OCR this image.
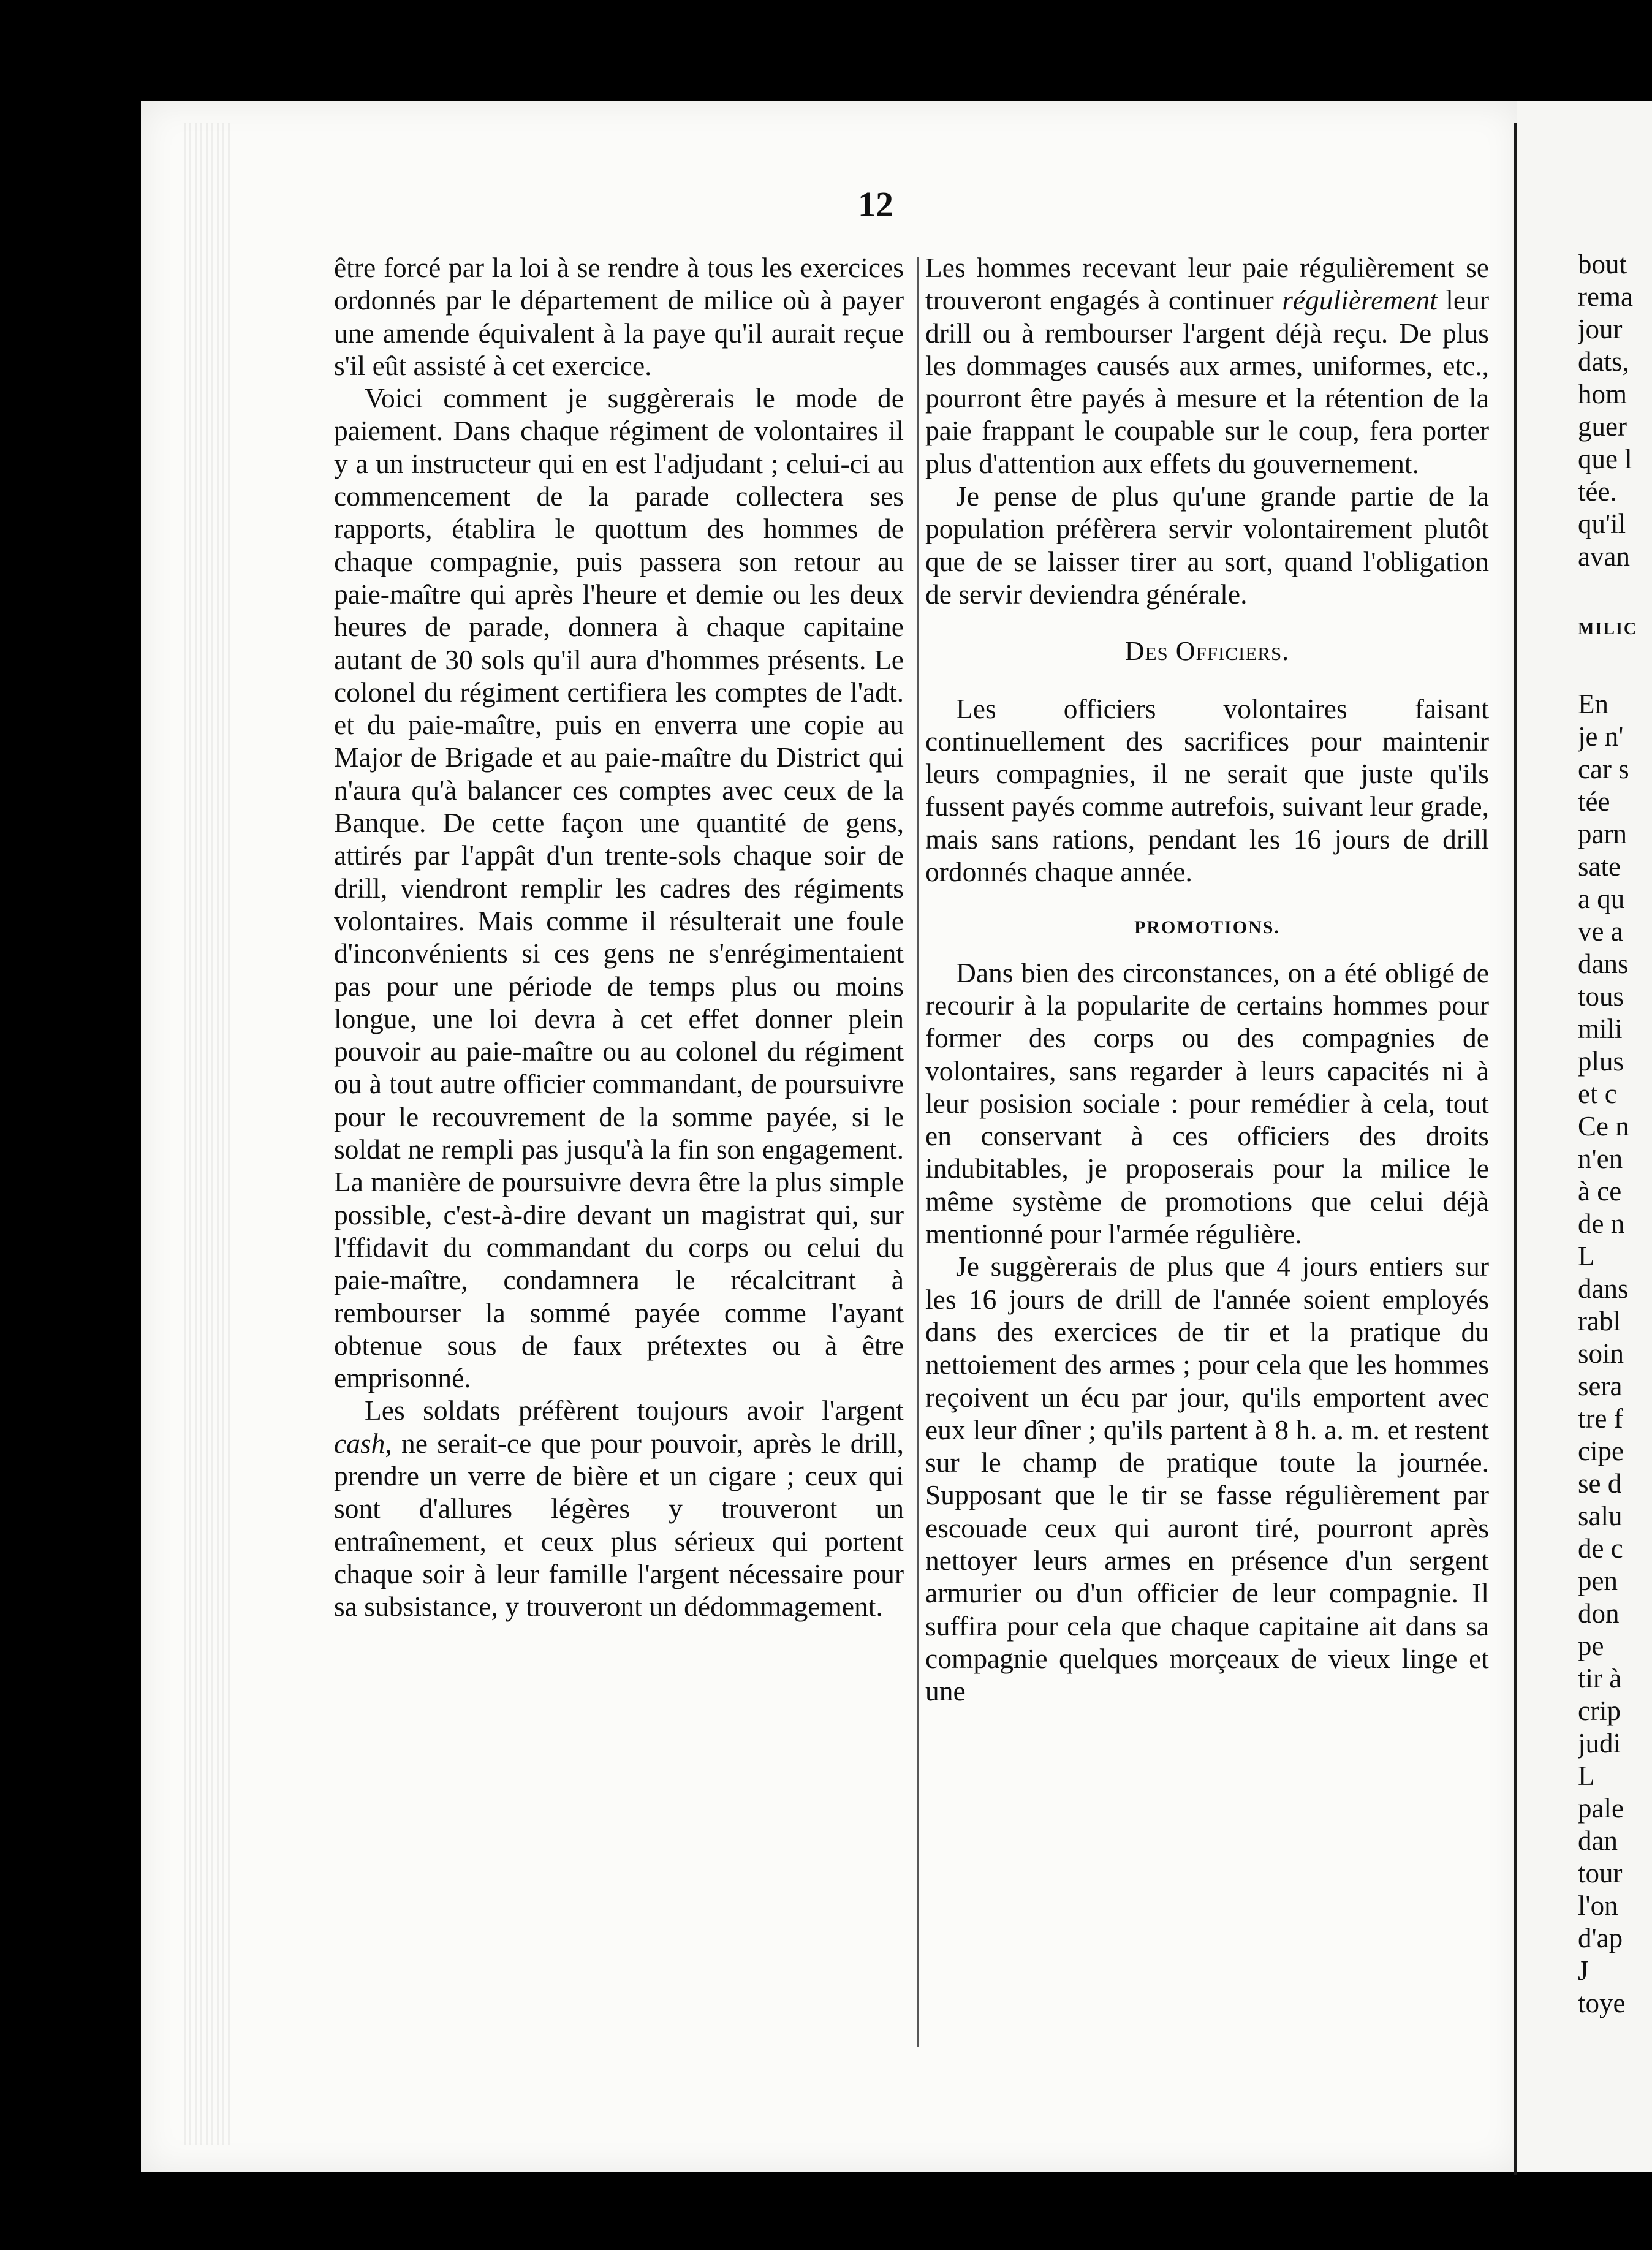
12

être forcé par la loi à se rendre à tous les exercices ordonnés par le département de milice où à payer une amende équivalent à la paye qu'il aurait reçue s'il eût assisté à cet exercice.

Voici comment je suggèrerais le mode de paiement. Dans chaque régiment de volontaires il y a un instructeur qui en est l'adjudant ; celui-ci au commencement de la parade collectera ses rapports, établira le quottum des hommes de chaque compagnie, puis passera son retour au paie-maître qui après l'heure et demie ou les deux heures de parade, donnera à chaque capitaine autant de 30 sols qu'il aura d'hommes présents. Le colonel du régiment certifiera les comptes de l'adt. et du paie-maître, puis en enverra une copie au Major de Brigade et au paie-maître du District qui n'aura qu'à balancer ces comptes avec ceux de la Banque. De cette façon une quantité de gens, attirés par l'appât d'un trente-sols chaque soir de drill, viendront remplir les cadres des régiments volontaires. Mais comme il résulterait une foule d'inconvénients si ces gens ne s'enrégimentaient pas pour une période de temps plus ou moins longue, une loi devra à cet effet donner plein pouvoir au paie-maître ou au colonel du régiment ou à tout autre officier commandant, de poursuivre pour le recouvrement de la somme payée, si le soldat ne rempli pas jusqu'à la fin son engagement. La manière de poursuivre devra être la plus simple possible, c'est-à-dire devant un magistrat qui, sur l'ffidavit du commandant du corps ou celui du paie-maître, condamnera le récalcitrant à rembourser la sommé payée comme l'ayant obtenue sous de faux prétextes ou à être emprisonné.

Les soldats préfèrent toujours avoir l'argent cash, ne serait-ce que pour pouvoir, après le drill, prendre un verre de bière et un cigare ; ceux qui sont d'allures légères y trouveront un entraînement, et ceux plus sérieux qui portent chaque soir à leur famille l'argent nécessaire pour sa subsistance, y trouveront un dédommagement.

Les hommes recevant leur paie régulièrement se trouveront engagés à continuer régulièrement leur drill ou à rembourser l'argent déjà reçu. De plus les dommages causés aux armes, uniformes, etc., pourront être payés à mesure et la rétention de la paie frappant le coupable sur le coup, fera porter plus d'attention aux effets du gouvernement.

Je pense de plus qu'une grande partie de la population préfèrera servir volontairement plutôt que de se laisser tirer au sort, quand l'obligation de servir deviendra générale.

Des Officiers.

Les officiers volontaires faisant continuellement des sacrifices pour maintenir leurs compagnies, il ne serait que juste qu'ils fussent payés comme autrefois, suivant leur grade, mais sans rations, pendant les 16 jours de drill ordonnés chaque année.

PROMOTIONS.

Dans bien des circonstances, on a été obligé de recourir à la popularite de certains hommes pour former des corps ou des compagnies de volontaires, sans regarder à leurs capacités ni à leur posision sociale : pour remédier à cela, tout en conservant à ces officiers des droits indubitables, je proposerais pour la milice le même système de promotions que celui déjà mentionné pour l'armée régulière.

Je suggèrerais de plus que 4 jours entiers sur les 16 jours de drill de l'année soient employés dans des exercices de tir et la pratique du nettoiement des armes ; pour cela que les hommes reçoivent un écu par jour, qu'ils emportent avec eux leur dîner ; qu'ils partent à 8 h. a. m. et restent sur le champ de pratique toute la journée. Supposant que le tir se fasse régulièrement par escouade ceux qui auront tiré, pourront après nettoyer leurs armes en présence d'un sergent armurier ou d'un officier de leur compagnie. Il suffira pour cela que chaque capitaine ait dans sa compagnie quelques morçeaux de vieux linge et une

bout
rema
jour
dats,
hom
guer
que l
tée.
qu'il
avan
MILIC
En
je n'
car s
tée
parn
sate
a qu
ve a
dans
tous
mili
plus
et c
Ce n
n'en
à ce
de n
L
dans
rabl
soin
sera
tre f
cipe
se d
salu
de c
pen
don
pe
tir à
crip
judi
L
pale
dan
tour
l'on
d'ap
J
toye
